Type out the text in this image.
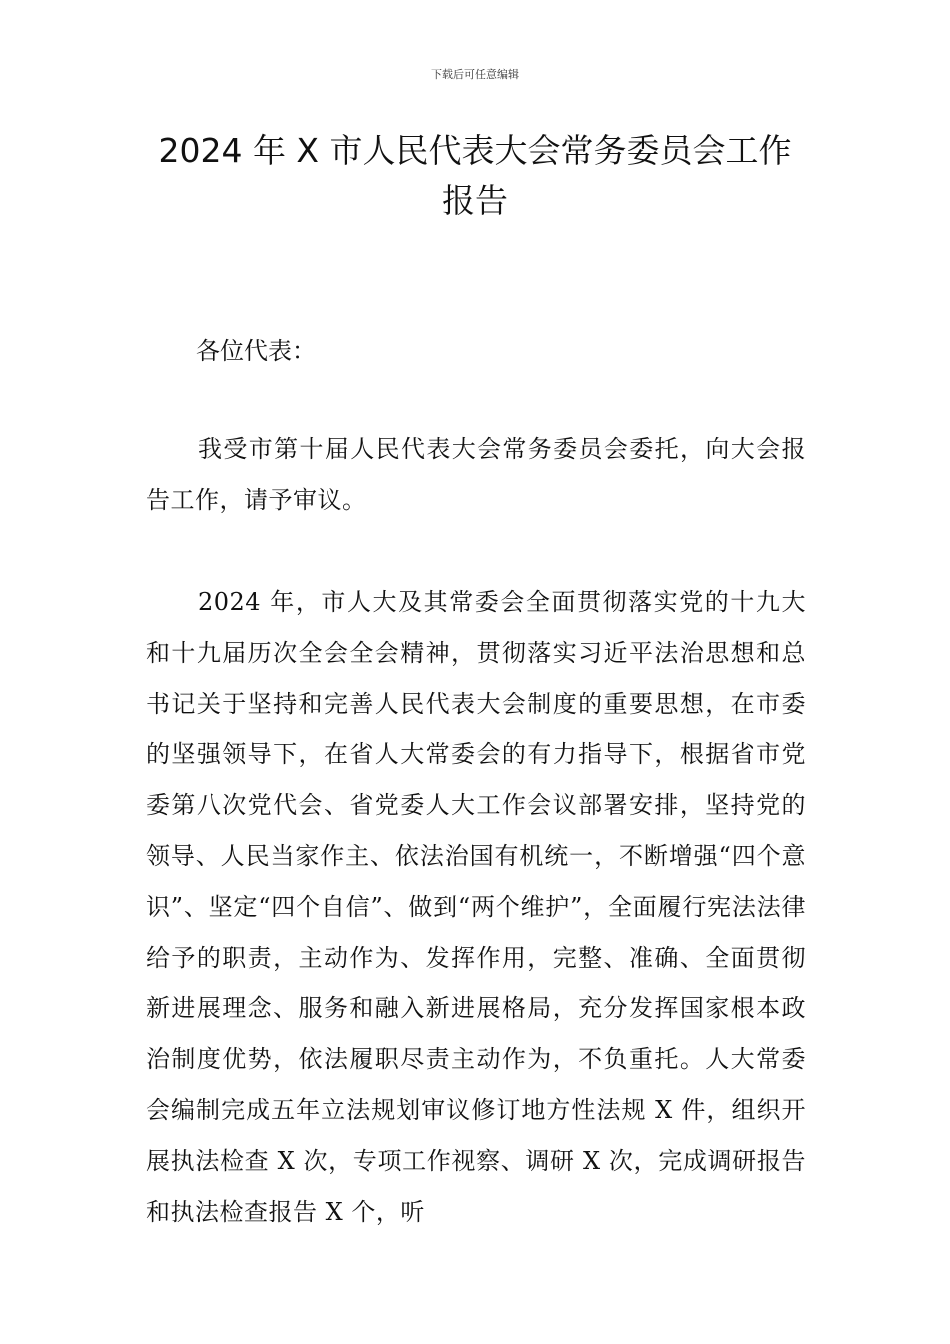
下载后可任意编辑
2024 年 X 市人民代表大会常务委员会工作
报告

各位代表：

我受市第十届人民代表大会常务委员会委托，向大会报告工作，请予审议。

2024 年，市人大及其常委会全面贯彻落实党的十九大和十九届历次全会全会精神，贯彻落实习近平法治思想和总书记关于坚持和完善人民代表大会制度的重要思想，在市委的坚强领导下，在省人大常委会的有力指导下，根据省市党委第八次党代会、省党委人大工作会议部署安排，坚持党的领导、人民当家作主、依法治国有机统一，不断增强“四个意识”、坚定“四个自信”、做到“两个维护”，全面履行宪法法律给予的职责，主动作为、发挥作用，完整、准确、全面贯彻新进展理念、服务和融入新进展格局，充分发挥国家根本政治制度优势，依法履职尽责主动作为，不负重托。人大常委会编制完成五年立法规划审议修订地方性法规 X 件，组织开展执法检查 X 次，专项工作视察、调研 X 次，完成调研报告和执法检查报告 X 个，听
